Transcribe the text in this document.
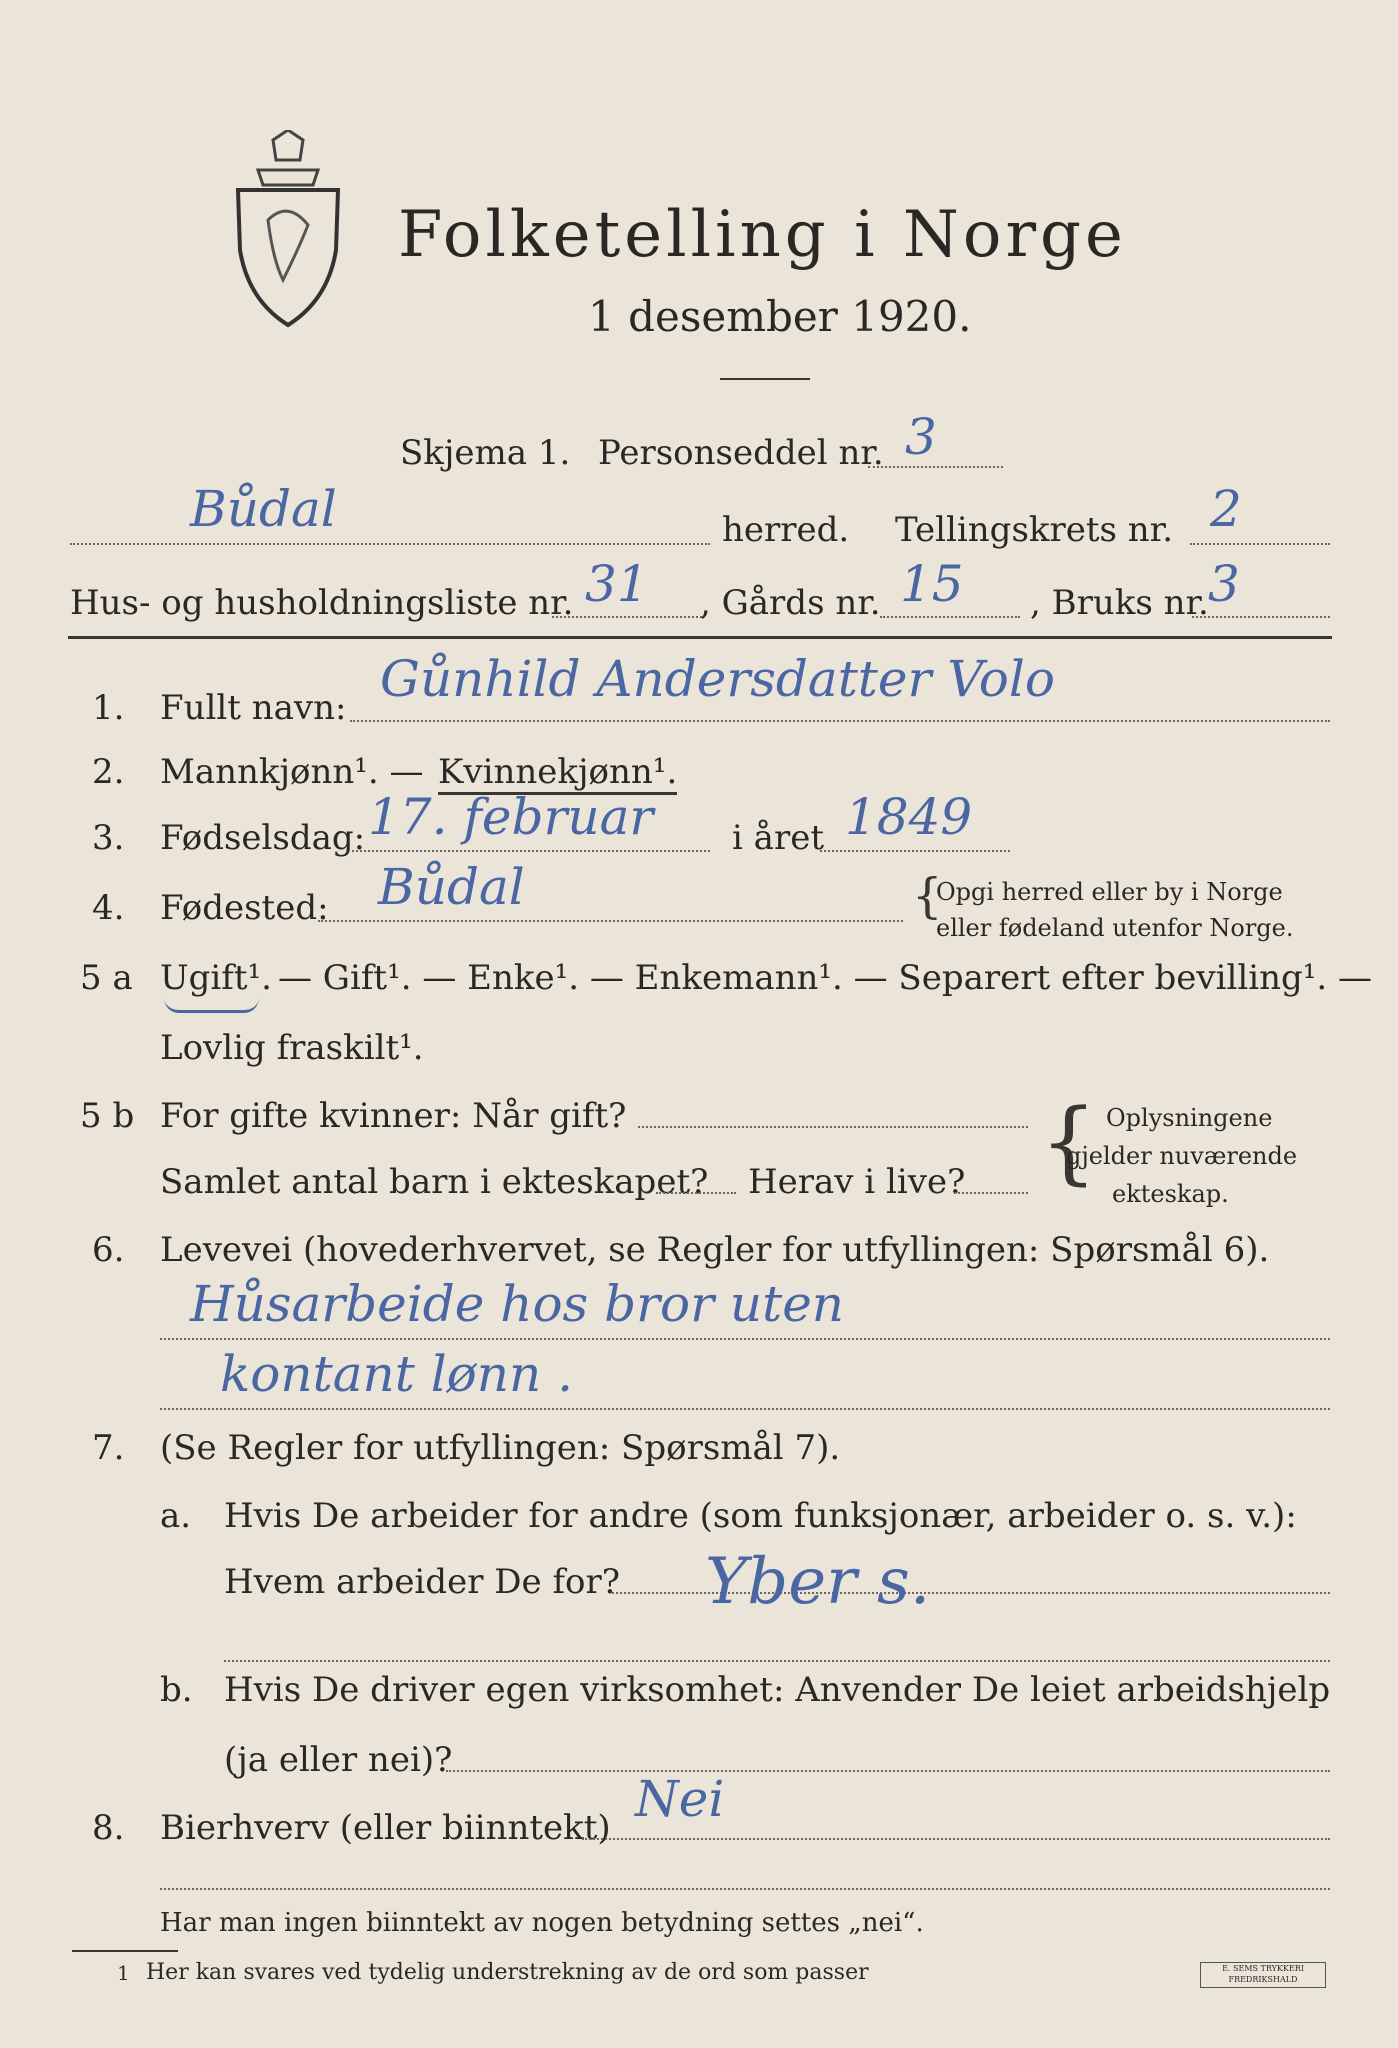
Folketelling i Norge
1 desember 1920.
Skjema 1. Personseddel nr. 3
Bůdal	herred. Tellingskrets nr. 2
Hus- og husholdningsliste nr. 31 , Gårds nr. 15 , Bruks nr. 3
1. Fullt navn: Gůnhild Andersdatter Volo
2. Mannkjønn¹. — Kvinnekjønn¹.
3. Fødselsdag: 17. februar i året 1849
4. Fødested: Bůdal	{
Opgi herred eller by i Norge
eller fødeland utenfor Norge.
5 a Ugift¹. — Gift¹. — Enke¹. — Enkemann¹. — Separert efter bevilling¹. —
Lovlig fraskilt¹.
5 b For gifte kvinner: Når gift?
Samlet antal barn i ekteskapet? Herav i live? { Oplysningene
gjelder nuværende
ekteskap.
6. Levevei (hovederhvervet, se Regler for utfyllingen: Spørsmål 6).
Hůsarbeide hos bror uten
kontant lønn .
7. (Se Regler for utfyllingen: Spørsmål 7).
a. Hvis De arbeider for andre (som funksjonær, arbeider o. s. v.):
Hvem arbeider De for? Yber s.
b. Hvis De driver egen virksomhet: Anvender De leiet arbeidshjelp
(ja eller nei)?
8. Bierhverv (eller biinntekt) Nei
Har man ingen biinntekt av nogen betydning settes „nei“.
1 Her kan svares ved tydelig understrekning av de ord som passer	E. SEMS TRYKKERI FREDRIKSHALD
